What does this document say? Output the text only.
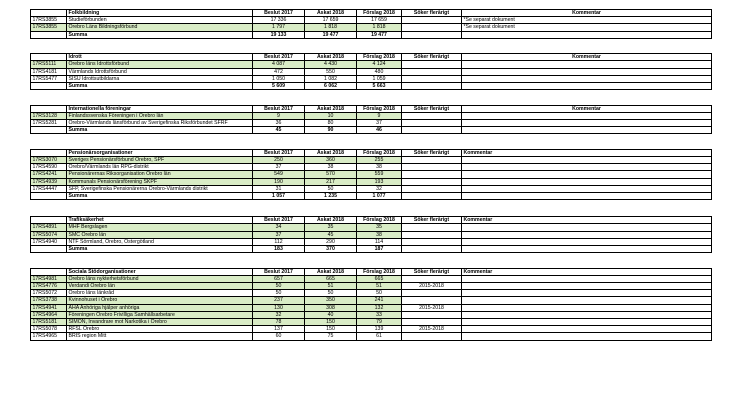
	Folkbildning	Beslut 2017	Äskat 2018	Förslag 2018	Söker flerårigt	Kommentar
17RS3855	Studieförbunden	17 336	17 659	17 659		*Se separat dokument
17RS3855	Örebro Läns Bildningsförbund	1 797	1 818	1 818		*Se separat dokument
	Summa	19 133	19 477	19 477		

	Idrott	Beslut 2017	Äskat 2018	Förslag 2018	Söker flerårigt	Kommentar
17RS5111	Örebro läns Idrottsförbund	4 087	4 430	4 124		
17RS4181	Värmlands Idrottsförbund	472	550	480		
17RS5477	SISU Idrottsutbildarna	1 050	1 082	1 059		
	Summa	5 609	6 062	5 663		

	Internationella föreningar	Beslut 2017	Äskat 2018	Förslag 2018	Söker flerårigt	Kommentar
17RS3128	Finlandssvenska Föreningen i Örebro län	9	10	9		
17RS5281	Örebro-Värmlands länsförbund av Sverigefinska Riksförbundet SFRF	36	80	37		
	Summa	45	90	46		

	Pensionärsorganisationer	Beslut 2017	Äskat 2018	Förslag 2018	Söker flerårigt	Kommentar
17RS3070	Sveriges Pensionärsförbund Örebro, SPF	250	360	255		
17RS4590	Örebro/Värmlands län RPG-distrikt	37	38	38		
17RS4241	Pensionärernas Riksorganisation Örebro län	549	570	559		
17RS4939	Kommunals Pensionärsförening SKPF	190	217	193		
17RS4447	SFP, Sverigefinska Pensionärerna Örebro-Värmlands distrikt	31	50	32		
	Summa	1 057	1 235	1 077		

	Trafiksäkerhet	Beslut 2017	Äskat 2018	Förslag 2018	Söker flerårigt	Kommentar
17RS4891	MHF Bergslagen	34	35	35		
17RS5074	SMC Örebro län	37	45	38		
17RS4940	NTF Sörmland, Örebro, Östergötland	112	290	114		
	Summa	183	370	187		

	Sociala Stödorganisationer	Beslut 2017	Äskat 2018	Förslag 2018	Söker flerårigt	Kommentar
17RS4981	Örebro läns nykterhetsförbund	657	665	665		
17RS4776	Verdandi Örebro län	50	51	51	2015-2018	
17RS5072	Örebro läns länkråd	50	50	50		
17RS3738	Kvinnohuset i Örebro	237	350	241		
17RS4941	AHA Anhöriga hjälper anhöriga	130	308	132	2015-2018	
17RS4964	Föreningen Örebro Frivilliga Samhällsarbetare	32	40	33		
17RS5181	SIMON, Invandrare mot Narkotika i Örebro	78	150	79		
17RS5078	RFSL Örebro	137	150	139	2015-2018	
17RS4965	BRIS region Mitt	60	75	61		
